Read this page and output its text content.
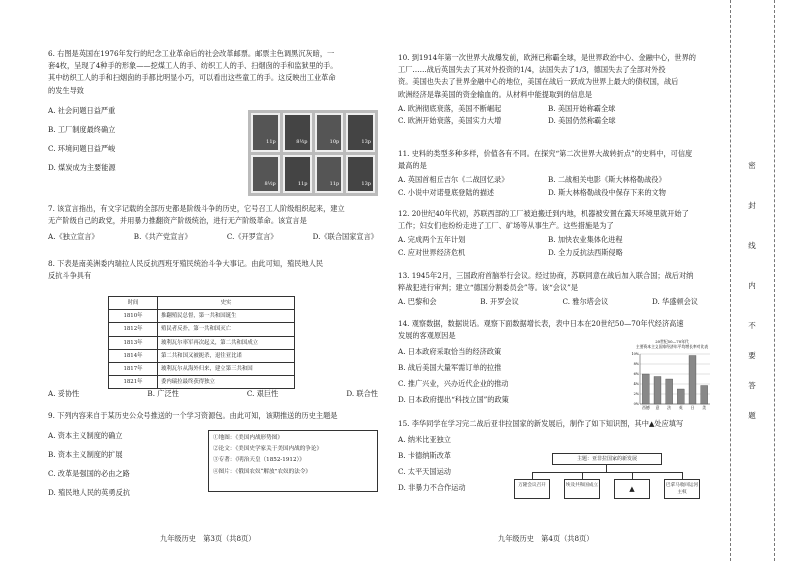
6. 右图是英国在1976年发行的纪念工业革命后的社会改革邮票。邮票主色调黑沉灰暗，一

套4枚，呈现了4种手的形象——挖煤工人的手、纺织工人的手、扫烟囱的手和监狱里的手。

其中纺织工人的手和扫烟囱的手都比明显小巧，可以看出这些童工的手。这反映出工业革命

的发生导致

A. 社会问题日益严重

B. 工厂制度最终确立

C. 环境问题日益严峻

D. 煤炭成为主要能源

11p	8½p	10p	13p
8½p	11p	11p	13p

7. 该宣言指出，有文字记载的全部历史都是阶级斗争的历史，它号召工人阶级组织起来，建立

无产阶级自己的政党，并用暴力推翻资产阶级统治，进行无产阶级革命。该宣言是

A.《独立宣言》	B.《共产党宣言》	C.《开罗宣言》	D.《联合国家宣言》

8. 下表是南美洲委内瑞拉人民反抗西班牙殖民统治斗争大事记。由此可知，殖民地人民

反抗斗争具有

时间	史实
1810年	推翻殖民总督，第一共和国诞生
1812年	殖民者反扑，第一共和国灭亡
1813年	玻利瓦尔率军再次起义，第二共和国成立
1814年	第二共和国又被扼杀，退往亚比诺
1817年	玻利瓦尔从海外归来，建立第三共和国
1821年	委内瑞拉最终获得独立
A. 妥协性	B. 广泛性	C. 艰巨性	D. 联合性

9. 下列内容来自于某历史公众号推送的一个学习资源包。由此可知，该期推送的历史主题是

A. 资本主义制度的确立

B. 资本主义制度的扩展

C. 改革是强国的必由之路

D. 殖民地人民的英勇反抗

①地图：《美国内战形势图》
②论文：《美国史学家关于美国内战的争论》
③专著：《明治天皇（1852-1912）》
④图片：《俄国农奴“解放”农奴的法令》
九年级历史　第3页（共8页）

10. 到1914年第一次世界大战爆发前，欧洲已称霸全球，是世界政治中心、金融中心，世界的

工厂……战后英国失去了其对外投资的1/4，法国失去了1/3，德国失去了全部对外投

资。美国也失去了世界金融中心的地位，美国在战后一跃成为世界上最大的债权国，战后

欧洲经济是靠美国的资金输血的。从材料中能提取到的信息是

A. 欧洲彻底衰落，美国不断崛起	B. 美国开始称霸全球
C. 欧洲开始衰落，美国实力大增	D. 美国仍然称霸全球

11. 史料的类型多种多样，价值各有不同。在探究“第二次世界大战转折点”的史料中，可信度

最高的是

A. 英国首相丘吉尔《二战回忆录》	B. 二战相关电影《斯大林格勒战役》
C. 小说中对诺曼底登陆的描述	D. 斯大林格勒战役中保存下来的文物

12. 20世纪40年代初，苏联西部的工厂被迫搬迁到内地，机器被安置在露天环境里就开始了

工作；妇女们也纷纷走进了工厂、矿场等从事生产。这些措施是为了

A. 完成两个五年计划	B. 加快农业集体化进程
C. 应对世界经济危机	D. 全力反抗法西斯侵略

13. 1945年2月，三国政府首脑举行会议。经过协商，苏联同意在战后加入联合国；战后对纳

粹战犯进行审判；建立“德国分割委员会”等。该“会议”是

A. 巴黎和会	B. 开罗会议	C. 雅尔塔会议	D. 华盛顿会议

14. 观察数据，数据说话。观察下面数据增长表，表中日本在20世纪50—70年代经济高速

发展的客观原因是

A. 日本政府采取恰当的经济政策

B. 战后美国大量军需订单的拉推

C. 推广兴业，兴办近代企业的推动

D. 日本政府提出“科技立国”的政策

20世纪50—70年代
主要资本主义国家经济年平均增长率对比表
0%
2%
4%
6%
8%
10%
西德 意 法 英 日 美

15. 李华同学在学习完二战后亚非拉国家的新发展后，制作了如下知识图，其中▲处应填写

A. 纳米比亚独立

B. 卡德纳斯改革

C. 太平天国运动

D. 非暴力不合作运动

主题：亚非拉国家的新发展
万隆会议召开	埃及共和国成立	▲	巴拿马收回运河主权
九年级历史　第4页（共8页）
密
封
线
内
不
要
答
题
